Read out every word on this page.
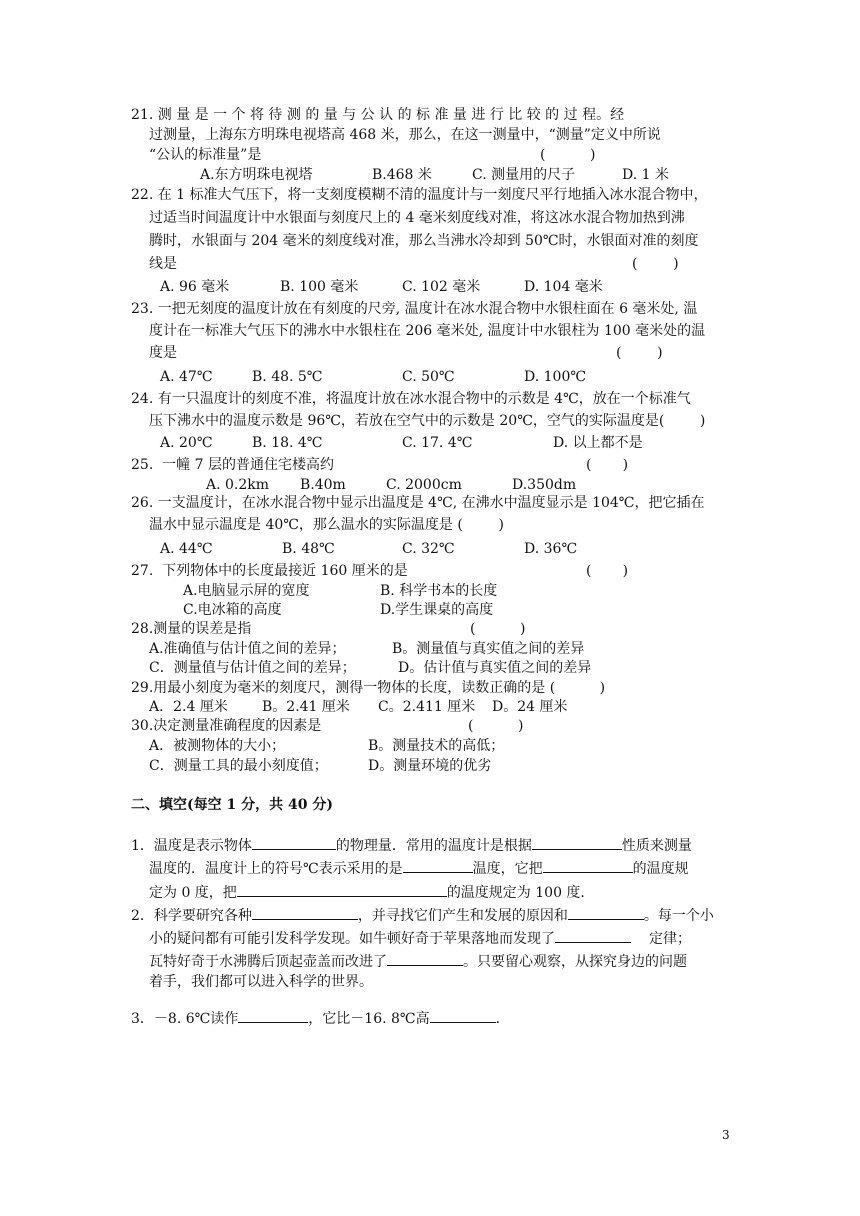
21. 测 量 是 一 个 将 待 测 的 量 与 公 认 的 标 准 量 进 行 比 较 的 过 程。经
过测量，上海东方明珠电视塔高 468 米，那么，在这一测量中，“测量”定义中所说
“公认的标准量”是	(          )
A.东方明珠电视塔	B.468 米	C. 测量用的尺子	D. 1 米
22. 在 1 标准大气压下，将一支刻度模糊不清的温度计与一刻度尺平行地插入冰水混合物中，
过适当时间温度计中水银面与刻度尺上的 4 毫米刻度线对准，将这冰水混合物加热到沸
腾时，水银面与 204 毫米的刻度线对准，那么当沸水冷却到 50℃时，水银面对准的刻度
线是	(        )
A. 96 毫米	B. 100 毫米	C. 102 毫米	D. 104 毫米
23. 一把无刻度的温度计放在有刻度的尺旁, 温度计在冰水混合物中水银柱面在 6 毫米处, 温
度计在一标准大气压下的沸水中水银柱在 206 毫米处, 温度计中水银柱为 100 毫米处的温
度是	(        )
A. 47℃	B. 48. 5℃	C. 50℃	D. 100℃
24. 有一只温度计的刻度不准，将温度计放在冰水混合物中的示数是 4℃，放在一个标准气
压下沸水中的温度示数是 96℃，若放在空气中的示数是 20℃，空气的实际温度是(        )
A. 20℃	B. 18. 4℃	C. 17. 4℃	D. 以上都不是
25.  一幢 7 层的普通住宅楼高约	(       )
A. 0.2km B.40m	C. 2000cm	D.350dm
26. 一支温度计，在冰水混合物中显示出温度是 4℃, 在沸水中温度显示是 104℃，把它插在
温水中显示温度是 40℃，那么温水的实际温度是 (        )
A. 44℃	B. 48℃	C. 32℃	D. 36℃
27.  下列物体中的长度最接近 160 厘米的是	(       )
A.电脑显示屏的宽度	B. 科学书本的长度
C.电冰箱的高度	D.学生课桌的高度
28.测量的误差是指	(          )
A.准确值与估计值之间的差异；	B。测量值与真实值之间的差异
C．测量值与估计值之间的差异；	D。估计值与真实值之间的差异
29.用最小刻度为毫米的刻度尺，测得一物体的长度，读数正确的是 (          )
A．2.4 厘米 B。2.41 厘米 C。2.411 厘米 D。24 厘米
30.决定测量准确程度的因素是	(          )
A．被测物体的大小；	B。测量技术的高低；
C．测量工具的最小刻度值；	D。测量环境的优劣
二、填空(每空 1 分，共 40 分)
1．温度是表示物体	的物理量．常用的温度计是根据	性质来测量
温度的．温度计上的符号℃表示采用的是	温度，它把	的温度规
定为 0 度，把	的温度规定为 100 度．
2．科学要研究各种	，并寻找它们产生和发展的原因和	。每一个小
小的疑问都有可能引发科学发现。如牛顿好奇于苹果落地而发现了	定律；
瓦特好奇于水沸腾后顶起壶盖而改进了	。只要留心观察，从探究身边的问题
着手，我们都可以进入科学的世界。
3．－8. 6℃读作	，它比－16. 8℃高	．
3
